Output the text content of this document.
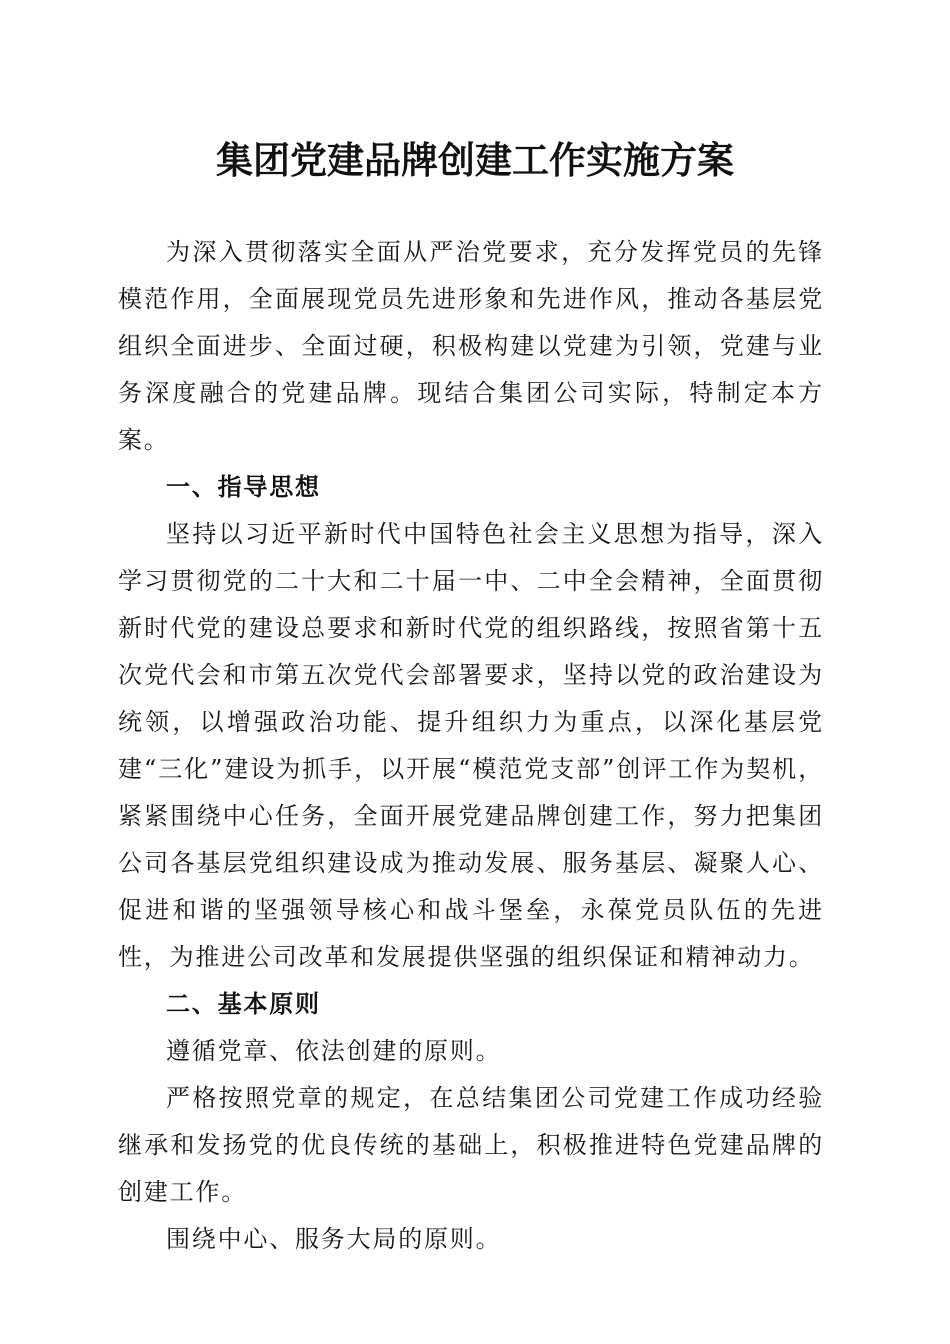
集团党建品牌创建工作实施方案

为深入贯彻落实全面从严治党要求，充分发挥党员的先锋模范作用，全面展现党员先进形象和先进作风，推动各基层党组织全面进步、全面过硬，积极构建以党建为引领，党建与业务深度融合的党建品牌。现结合集团公司实际，特制定本方案。

一、指导思想

坚持以习近平新时代中国特色社会主义思想为指导，深入学习贯彻党的二十大和二十届一中、二中全会精神，全面贯彻新时代党的建设总要求和新时代党的组织路线，按照省第十五次党代会和市第五次党代会部署要求，坚持以党的政治建设为统领，以增强政治功能、提升组织力为重点，以深化基层党建“三化”建设为抓手，以开展“模范党支部”创评工作为契机，紧紧围绕中心任务，全面开展党建品牌创建工作，努力把集团公司各基层党组织建设成为推动发展、服务基层、凝聚人心、促进和谐的坚强领导核心和战斗堡垒，永葆党员队伍的先进性，为推进公司改革和发展提供坚强的组织保证和精神动力。

二、基本原则

遵循党章、依法创建的原则。

严格按照党章的规定，在总结集团公司党建工作成功经验继承和发扬党的优良传统的基础上，积极推进特色党建品牌的创建工作。

围绕中心、服务大局的原则。
